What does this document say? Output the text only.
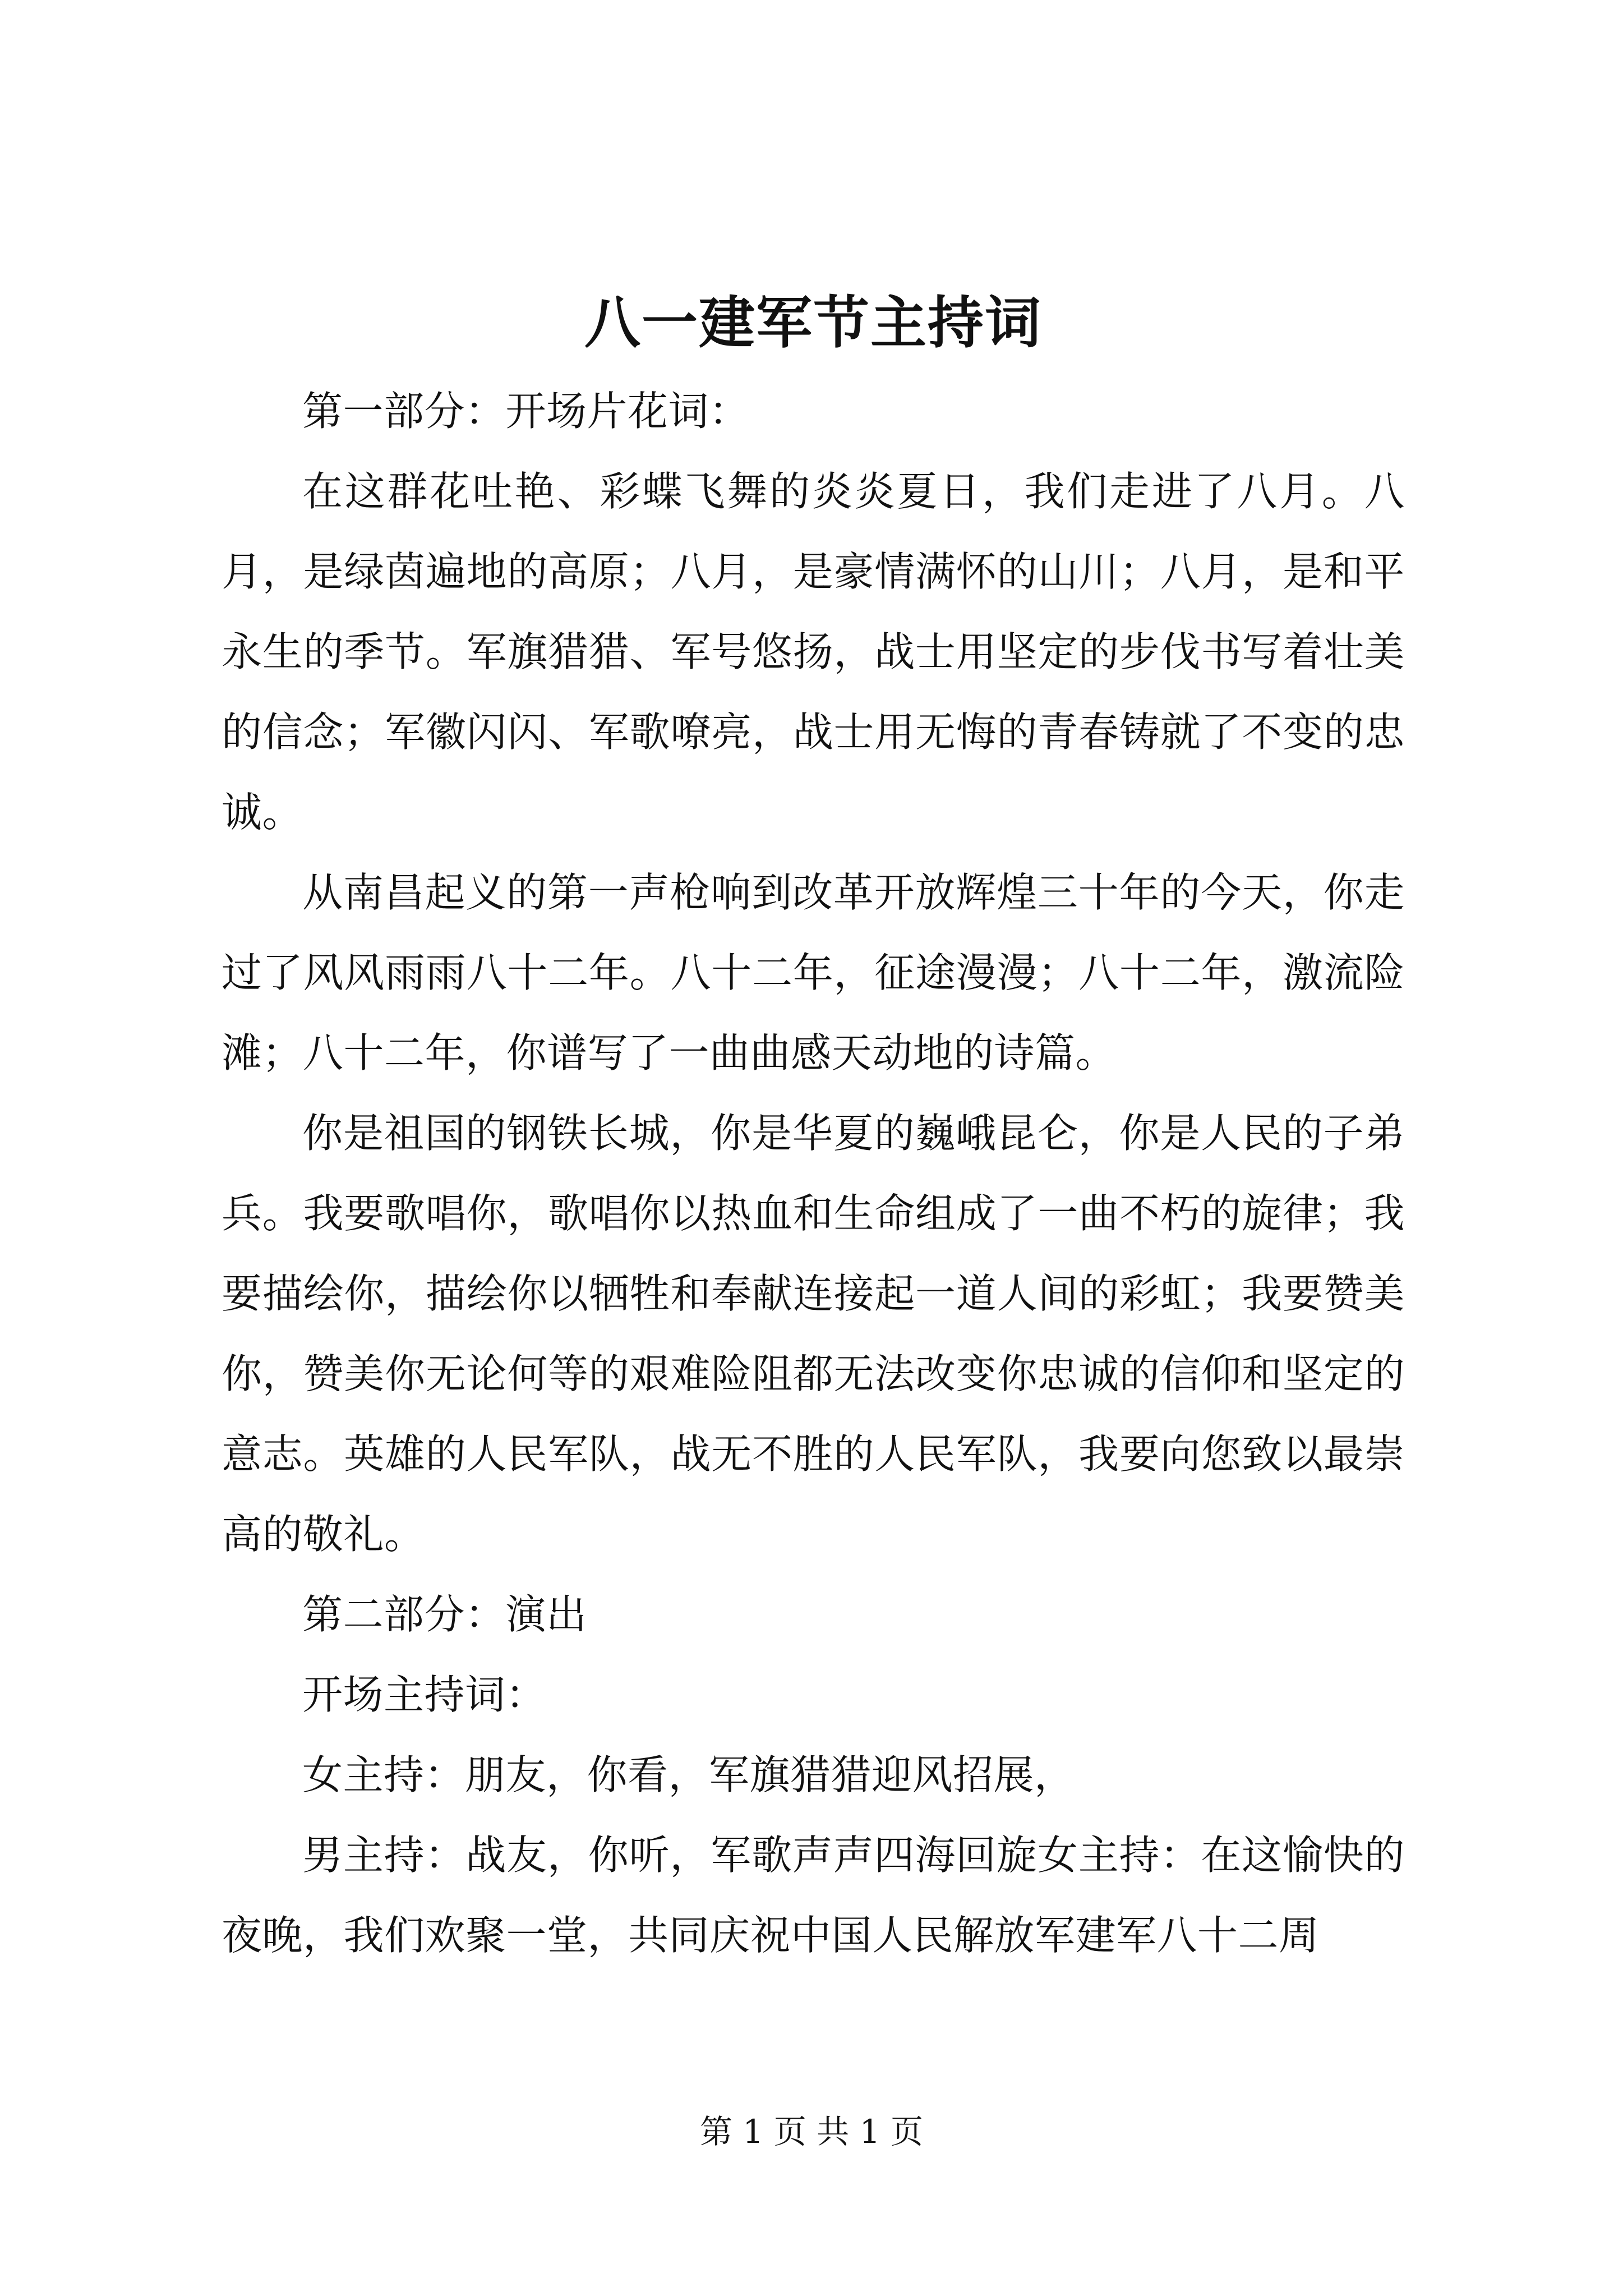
八一建军节主持词

第一部分：开场片花词：

在这群花吐艳、彩蝶飞舞的炎炎夏日，我们走进了八月。八月，是绿茵遍地的高原；八月，是豪情满怀的山川；八月，是和平永生的季节。军旗猎猎、军号悠扬，战士用坚定的步伐书写着壮美的信念；军徽闪闪、军歌嘹亮，战士用无悔的青春铸就了不变的忠诚。

从南昌起义的第一声枪响到改革开放辉煌三十年的今天，你走过了风风雨雨八十二年。八十二年，征途漫漫；八十二年，激流险滩；八十二年，你谱写了一曲曲感天动地的诗篇。

你是祖国的钢铁长城，你是华夏的巍峨昆仑，你是人民的子弟兵。我要歌唱你，歌唱你以热血和生命组成了一曲不朽的旋律；我要描绘你，描绘你以牺牲和奉献连接起一道人间的彩虹；我要赞美你，赞美你无论何等的艰难险阻都无法改变你忠诚的信仰和坚定的意志。英雄的人民军队，战无不胜的人民军队，我要向您致以最崇高的敬礼。

第二部分：演出

开场主持词：

女主持：朋友，你看，军旗猎猎迎风招展，

男主持：战友，你听，军歌声声四海回旋女主持：在这愉快的夜晚，我们欢聚一堂，共同庆祝中国人民解放军建军八十二周

第 1 页 共 1 页
